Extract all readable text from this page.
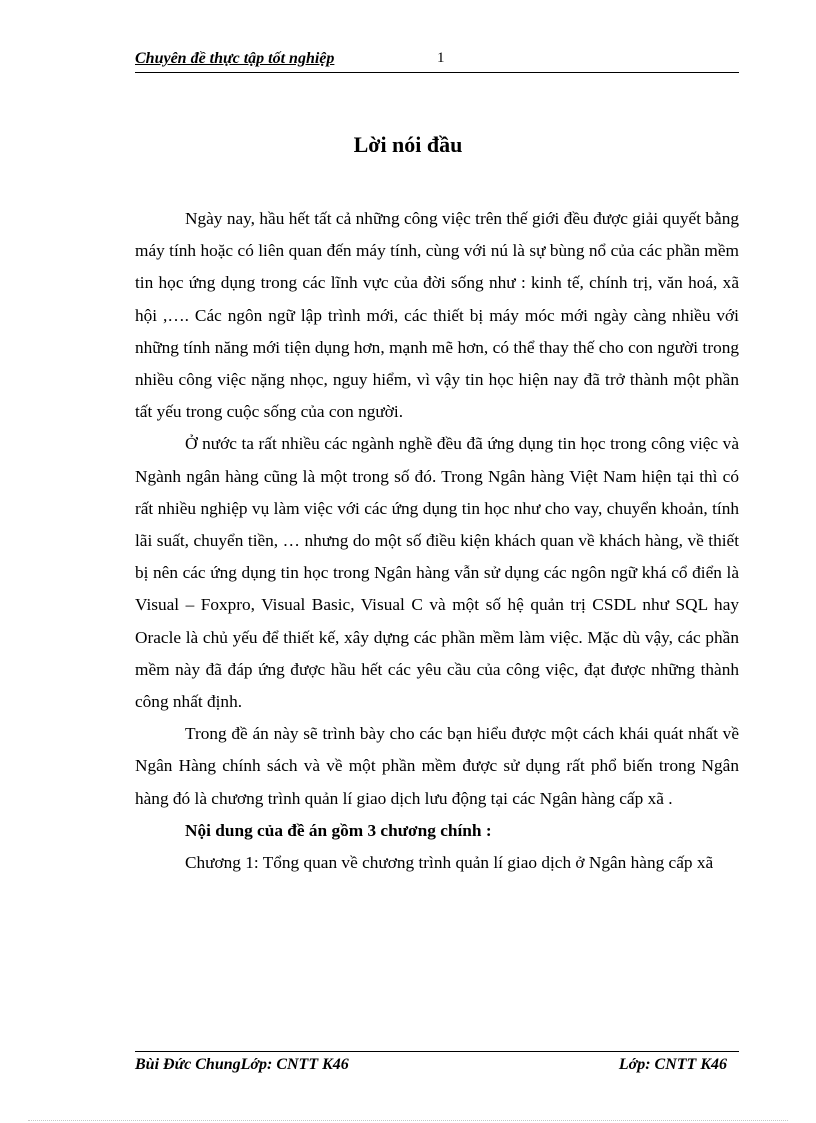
Chuyên đề thực tập tốt nghiệp	1
Lời nói đầu

Ngày nay, hầu hết tất cả những công việc trên thế giới đều được giải quyết bằng máy tính hoặc có liên quan đến máy tính, cùng với nú là sự bùng nổ của các phần mềm tin học ứng dụng trong các lĩnh vực của đời sống như : kinh tế, chính trị, văn hoá, xã hội ,…. Các ngôn ngữ lập trình mới, các thiết bị máy móc mới ngày càng nhiều với những tính năng mới tiện dụng hơn, mạnh mẽ hơn, có thể thay thế cho con người trong nhiều công việc nặng nhọc, nguy hiểm, vì vậy tin học hiện nay đã trở thành một phần tất yếu trong cuộc sống của con người.

Ở nước ta rất nhiều các ngành nghề đều đã ứng dụng tin học trong công việc và Ngành ngân hàng cũng là một trong số đó. Trong Ngân hàng Việt Nam hiện tại thì có rất nhiều nghiệp vụ làm việc với các ứng dụng tin học như cho vay, chuyển khoản, tính lãi suất, chuyển tiền, … nhưng do một số điều kiện khách quan về khách hàng, về thiết bị nên các ứng dụng tin học trong Ngân hàng vẫn sử dụng các ngôn ngữ khá cổ điển là Visual – Foxpro, Visual Basic, Visual C và một số hệ quản trị CSDL như SQL hay Oracle là chủ yếu để thiết kế, xây dựng các phần mềm làm việc. Mặc dù vậy, các phần mềm này đã đáp ứng được hầu hết các yêu cầu của công việc, đạt được những thành công nhất định.

Trong đề án này sẽ trình bày cho các bạn hiểu được một cách khái quát nhất về Ngân Hàng chính sách và về một phần mềm được sử dụng rất phổ biến trong Ngân hàng đó là chương trình quản lí giao dịch lưu động tại các Ngân hàng cấp xã .

Nội dung của đề án gồm 3 chương chính :

Chương 1: Tổng quan về chương trình quản lí giao dịch ở Ngân hàng cấp xã

Bùi Đức ChungLớp: CNTT K46	Lớp: CNTT K46
